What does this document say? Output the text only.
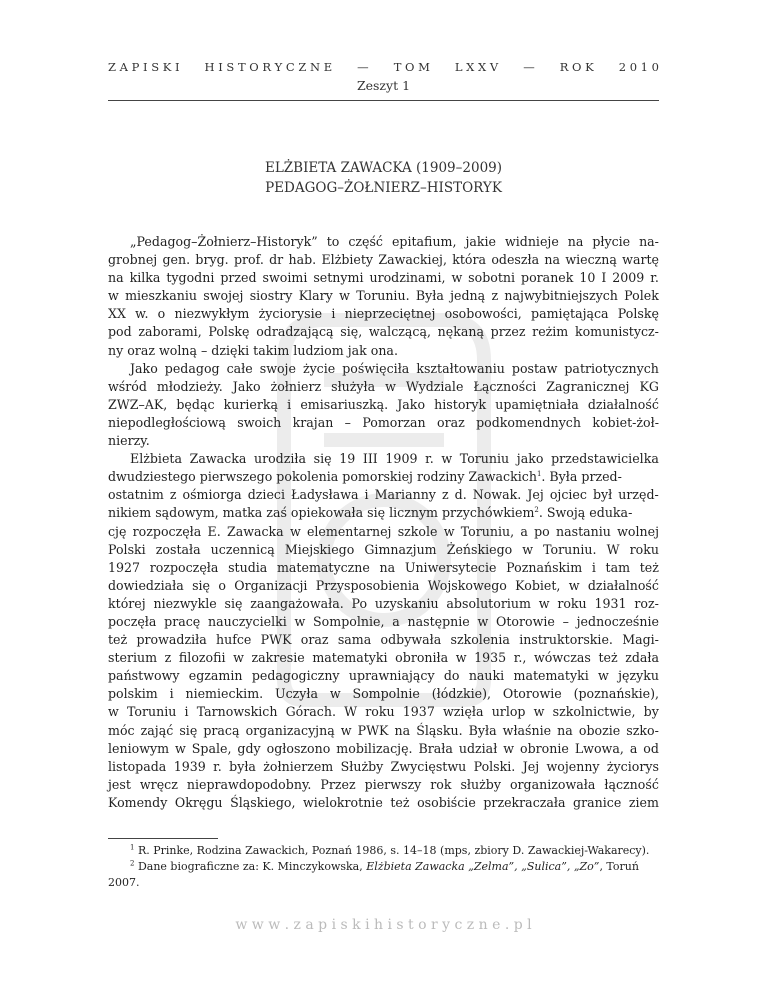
Z A P I S K I H I S T O R Y C Z N E — T O M L X X V — R O K 2 0 1 0
Zeszyt 1
ELŻBIETA ZAWACKA (1909–2009)
PEDAGOG–ŻOŁNIERZ–HISTORYK
„Pedagog–Żołnierz–Historyk” to część epitafium, jakie widnieje na płycie na-
grobnej gen. bryg. prof. dr hab. Elżbiety Zawackiej, która odeszła na wieczną wartę
na kilka tygodni przed swoimi setnymi urodzinami, w sobotni poranek 10 I 2009 r.
w mieszkaniu swojej siostry Klary w Toruniu. Była jedną z najwybitniejszych Polek
XX w. o niezwykłym życiorysie i nieprzeciętnej osobowości, pamiętająca Polskę
pod zaborami, Polskę odradzającą się, walczącą, nękaną przez reżim komunistycz-
ny oraz wolną – dzięki takim ludziom jak ona.
Jako pedagog całe swoje życie poświęciła kształtowaniu postaw patriotycznych
wśród młodzieży. Jako żołnierz służyła w Wydziale Łączności Zagranicznej KG
ZWZ–AK, będąc kurierką i emisariuszką. Jako historyk upamiętniała działalność
niepodległościową swoich krajan – Pomorzan oraz podkomendnych kobiet-żoł-
nierzy.
Elżbieta Zawacka urodziła się 19 III 1909 r. w Toruniu jako przedstawicielka
dwudziestego pierwszego pokolenia pomorskiej rodziny Zawackich$^1$. Była przed-
ostatnim z ośmiorga dzieci Ładysława i Marianny z d. Nowak. Jej ojciec był urzęd-
nikiem sądowym, matka zaś opiekowała się licznym przychówkiem$^2$. Swoją eduka-
cję rozpoczęła E. Zawacka w elementarnej szkole w Toruniu, a po nastaniu wolnej
Polski została uczennicą Miejskiego Gimnazjum Żeńskiego w Toruniu. W roku
1927 rozpoczęła studia matematyczne na Uniwersytecie Poznańskim i tam też
dowiedziała się o Organizacji Przysposobienia Wojskowego Kobiet, w działalność
której niezwykle się zaangażowała. Po uzyskaniu absolutorium w roku 1931 roz-
poczęła pracę nauczycielki w Sompolnie, a następnie w Otorowie – jednocześnie
też prowadziła hufce PWK oraz sama odbywała szkolenia instruktorskie. Magi-
sterium z filozofii w zakresie matematyki obroniła w 1935 r., wówczas też zdała
państwowy egzamin pedagogiczny uprawniający do nauki matematyki w języku
polskim i niemieckim. Uczyła w Sompolnie (łódzkie), Otorowie (poznańskie),
w Toruniu i Tarnowskich Górach. W roku 1937 wzięła urlop w szkolnictwie, by
móc zająć się pracą organizacyjną w PWK na Śląsku. Była właśnie na obozie szko-
leniowym w Spale, gdy ogłoszono mobilizację. Brała udział w obronie Lwowa, a od
listopada 1939 r. była żołnierzem Służby Zwycięstwu Polski. Jej wojenny życiorys
jest wręcz nieprawdopodobny. Przez pierwszy rok służby organizowała łączność
Komendy Okręgu Śląskiego, wielokrotnie też osobiście przekraczała granice ziem
$^1$ R. Prinke, Rodzina Zawackich, Poznań 1986, s. 14–18 (mps, zbiory D. Zawackiej-Wakarecy).
$^2$ Dane biograficzne za: K. Minczykowska, Elżbieta Zawacka „Zelma”, „Sulica”, „Zo”, Toruń
2007.
w w w . z a p i s k i h i s t o r y c z n e . p l
